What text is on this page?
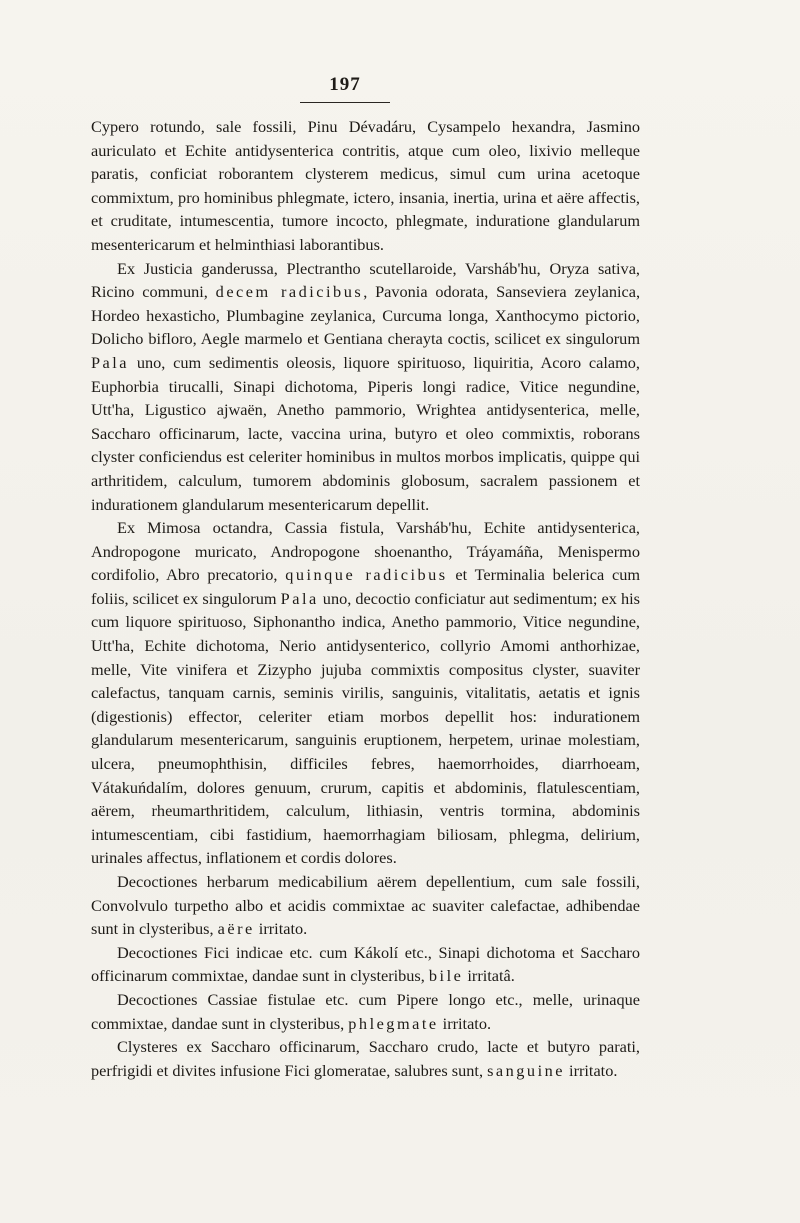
197

Cypero rotundo, sale fossili, Pinu Dévadáru, Cysampelo hexandra, Jasmino auriculato et Echite antidysenterica contritis, atque cum oleo, lixivio melleque paratis, conficiat roborantem clysterem medicus, simul cum urina acetoque commixtum, pro hominibus phlegmate, ictero, insania, inertia, urina et aëre affectis, et cruditate, intumescentia, tumore incocto, phlegmate, induratione glandularum mesentericarum et helminthiasi laborantibus.

Ex Justicia ganderussa, Plectrantho scutellaroide, Varsháb'hu, Oryza sativa, Ricino communi, decem radicibus, Pavonia odorata, Sanseviera zeylanica, Hordeo hexasticho, Plumbagine zeylanica, Curcuma longa, Xanthocymo pictorio, Dolicho bifloro, Aegle marmelo et Gentiana cherayta coctis, scilicet ex singulorum Pala uno, cum sedimentis oleosis, liquore spirituoso, liquiritia, Acoro calamo, Euphorbia tirucalli, Sinapi dichotoma, Piperis longi radice, Vitice negundine, Utt'ha, Ligustico ajwaën, Anetho pammorio, Wrightea antidysenterica, melle, Saccharo officinarum, lacte, vaccina urina, butyro et oleo commixtis, roborans clyster conficiendus est celeriter hominibus in multos morbos implicatis, quippe qui arthritidem, calculum, tumorem abdominis globosum, sacralem passionem et indurationem glandularum mesentericarum depellit.

Ex Mimosa octandra, Cassia fistula, Varsháb'hu, Echite antidysenterica, Andropogone muricato, Andropogone shoenantho, Tráyamáña, Menispermo cordifolio, Abro precatorio, quinque radicibus et Terminalia belerica cum foliis, scilicet ex singulorum Pala uno, decoctio conficiatur aut sedimentum; ex his cum liquore spirituoso, Siphonantho indica, Anetho pammorio, Vitice negundine, Utt'ha, Echite dichotoma, Nerio antidysenterico, collyrio Amomi anthorhizae, melle, Vite vinifera et Zizypho jujuba commixtis compositus clyster, suaviter calefactus, tanquam carnis, seminis virilis, sanguinis, vitalitatis, aetatis et ignis (digestionis) effector, celeriter etiam morbos depellit hos: indurationem glandularum mesentericarum, sanguinis eruptionem, herpetem, urinae molestiam, ulcera, pneumophthisin, difficiles febres, haemorrhoides, diarrhoeam, Vátakuńdalím, dolores genuum, crurum, capitis et abdominis, flatulescentiam, aërem, rheumarthritidem, calculum, lithiasin, ventris tormina, abdominis intumescentiam, cibi fastidium, haemorrhagiam biliosam, phlegma, delirium, urinales affectus, inflationem et cordis dolores.

Decoctiones herbarum medicabilium aërem depellentium, cum sale fossili, Convolvulo turpetho albo et acidis commixtae ac suaviter calefactae, adhibendae sunt in clysteribus, aëre irritato.

Decoctiones Fici indicae etc. cum Kákolí etc., Sinapi dichotoma et Saccharo officinarum commixtae, dandae sunt in clysteribus, bile irritatâ.

Decoctiones Cassiae fistulae etc. cum Pipere longo etc., melle, urinaque commixtae, dandae sunt in clysteribus, phlegmate irritato.

Clysteres ex Saccharo officinarum, Saccharo crudo, lacte et butyro parati, perfrigidi et divites infusione Fici glomeratae, salubres sunt, sanguine irritato.
